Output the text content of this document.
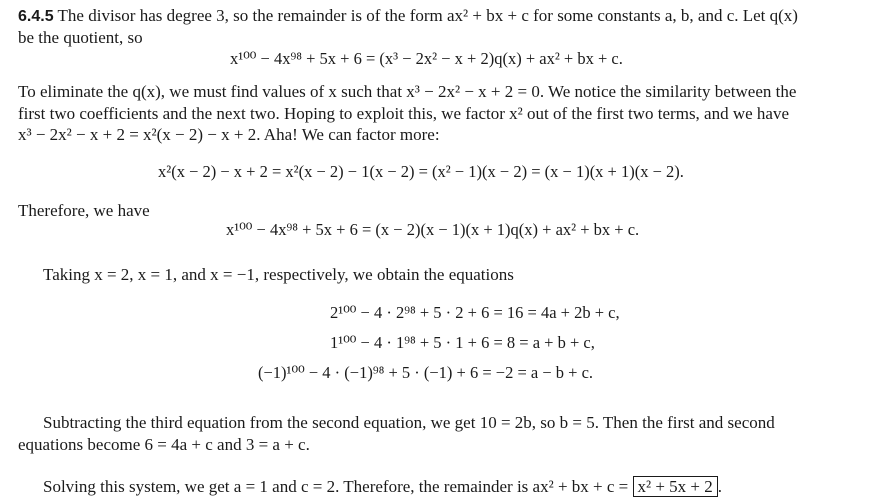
6.4.5 The divisor has degree 3, so the remainder is of the form ax² + bx + c for some constants a, b, and c. Let q(x)
be the quotient, so
x¹⁰⁰ − 4x⁹⁸ + 5x + 6 = (x³ − 2x² − x + 2)q(x) + ax² + bx + c.
To eliminate the q(x), we must find values of x such that x³ − 2x² − x + 2 = 0. We notice the similarity between the
first two coefficients and the next two. Hoping to exploit this, we factor x² out of the first two terms, and we have
x³ − 2x² − x + 2 = x²(x − 2) − x + 2. Aha! We can factor more:
x²(x − 2) − x + 2 = x²(x − 2) − 1(x − 2) = (x² − 1)(x − 2) = (x − 1)(x + 1)(x − 2).
Therefore, we have
x¹⁰⁰ − 4x⁹⁸ + 5x + 6 = (x − 2)(x − 1)(x + 1)q(x) + ax² + bx + c.
Taking x = 2, x = 1, and x = −1, respectively, we obtain the equations
2¹⁰⁰ − 4 · 2⁹⁸ + 5 · 2 + 6 = 16 = 4a + 2b + c,
1¹⁰⁰ − 4 · 1⁹⁸ + 5 · 1 + 6 = 8 = a + b + c,
(−1)¹⁰⁰ − 4 · (−1)⁹⁸ + 5 · (−1) + 6 = −2 = a − b + c.
Subtracting the third equation from the second equation, we get 10 = 2b, so b = 5. Then the first and second
equations become 6 = 4a + c and 3 = a + c.
Solving this system, we get a = 1 and c = 2. Therefore, the remainder is ax² + bx + c = x² + 5x + 2 .
